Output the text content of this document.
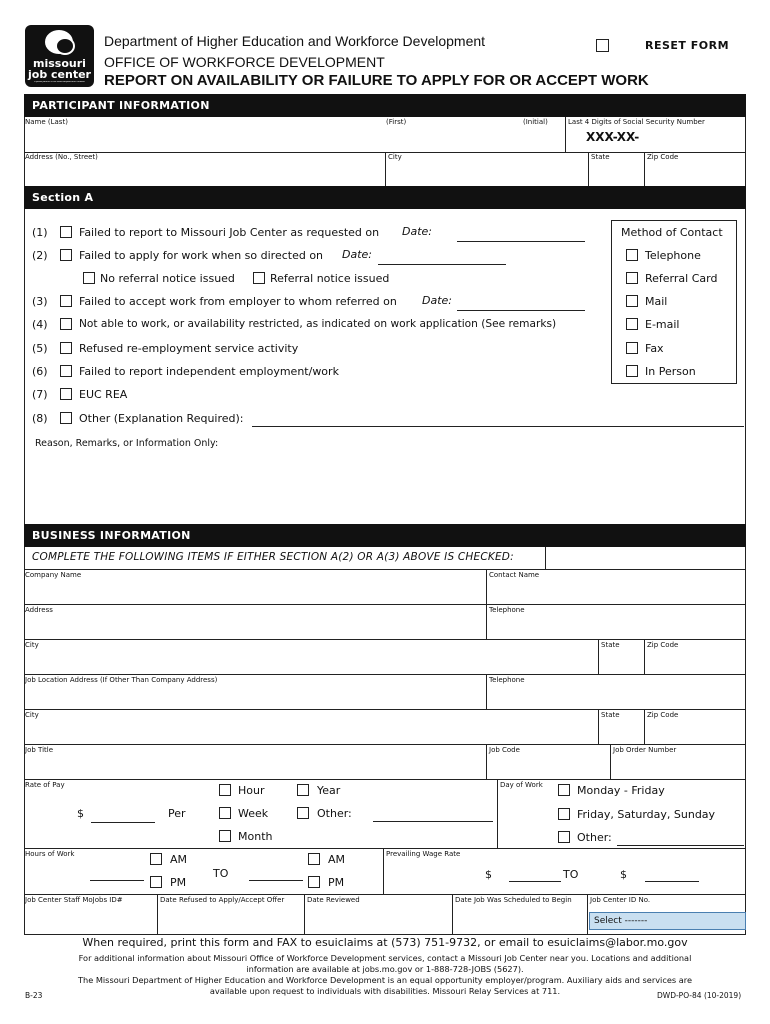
missouri
job center
a proud partner of the americanjobcenter network
Department of Higher Education and Workforce Development
OFFICE OF WORKFORCE DEVELOPMENT
REPORT ON AVAILABILITY OR FAILURE TO APPLY FOR OR ACCEPT WORK
RESET FORM
PARTICIPANT INFORMATION
Name (Last)	(First)	(Initial)	Last 4 Digits of Social Security Number
XXX-XX-
Address (No., Street)	City	State	Zip Code
Section A
(1)	Failed to report to Missouri Job Center as requested on Date:
(2)	Failed to apply for work when so directed on Date:
No referral notice issued	Referral notice issued
(3)	Failed to accept work from employer to whom referred on Date:
(4)	Not able to work, or availability restricted, as indicated on work application (See remarks)
(5)	Refused re-employment service activity
(6)	Failed to report independent employment/work
(7)	EUC REA
(8)	Other (Explanation Required):
Reason, Remarks, or Information Only:
Method of Contact
Telephone
Referral Card
Mail
E-mail
Fax
In Person
BUSINESS INFORMATION
COMPLETE THE FOLLOWING ITEMS IF EITHER SECTION A(2) OR A(3) ABOVE IS CHECKED:
Company Name	Contact Name
Address	Telephone
City	State	Zip Code
Job Location Address (If Other Than Company Address)	Telephone
City	State	Zip Code
Job Title	Job Code	Job Order Number
Rate of Pay
$	Per
Hour
Week
Month
Year
Other:
Day of Work	Monday - Friday
Friday, Saturday, Sunday
Other:
Hours of Work	AM
PM
TO
AM
PM
Prevailing Wage Rate
$	TO	$
Job Center Staff MoJobs ID#	Date Refused to Apply/Accept Offer	Date Reviewed	Date Job Was Scheduled to Begin	Job Center ID No.
Select -------
When required, print this form and FAX to esuiclaims at (573) 751-9732, or email to esuiclaims@labor.mo.gov
For additional information about Missouri Office of Workforce Development services, contact a Missouri Job Center near you. Locations and additional
information are available at jobs.mo.gov or 1-888-728-JOBS (5627).
The Missouri Department of Higher Education and Workforce Development is an equal opportunity employer/program. Auxiliary aids and services are
available upon request to individuals with disabilities. Missouri Relay Services at 711.
B-23	DWD-PO-84 (10-2019)
